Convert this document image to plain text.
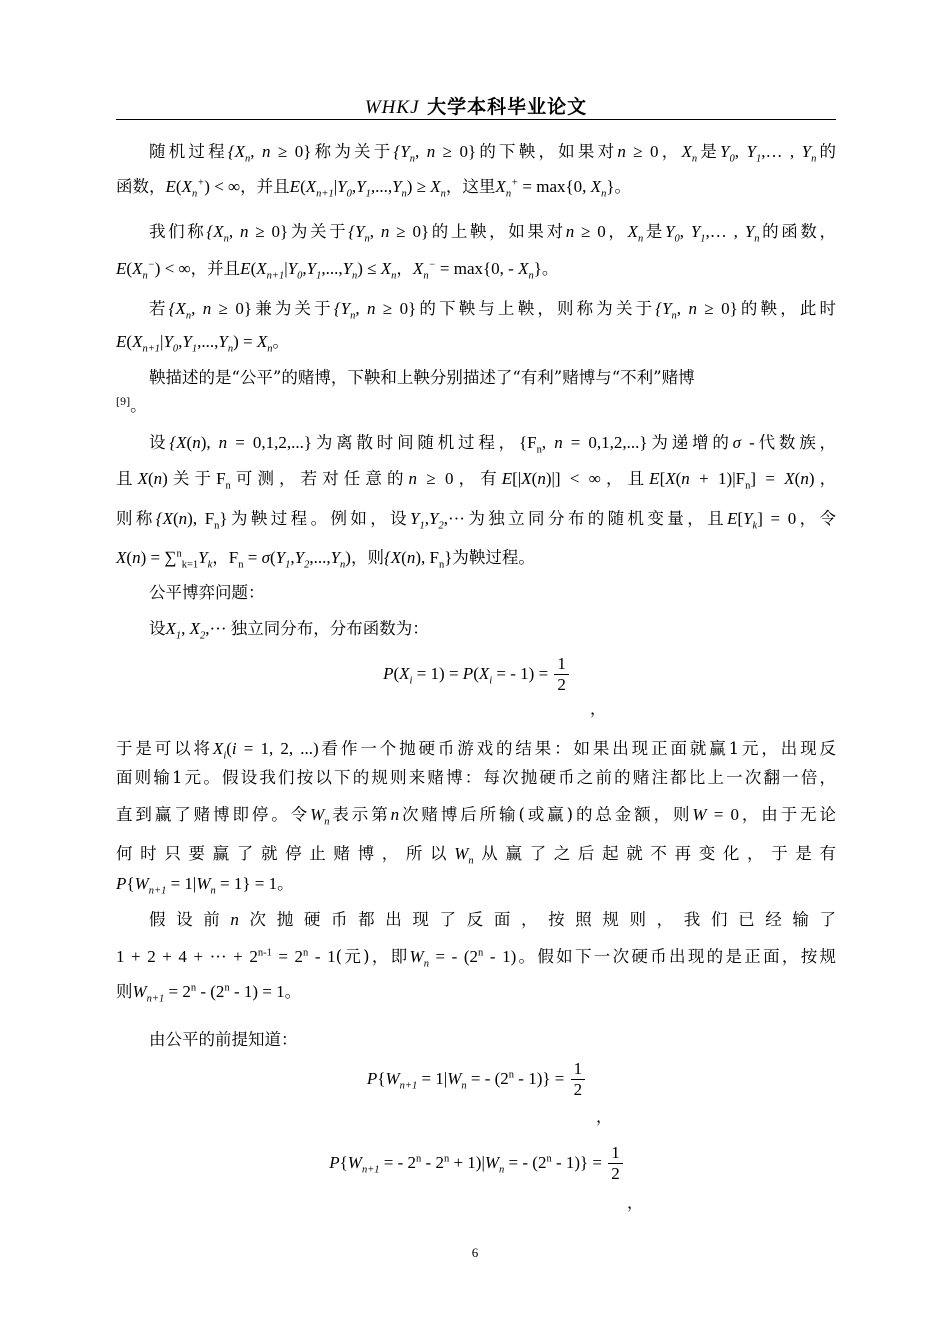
WHKJ 大学本科毕业论文
随机过程{$X_n$, n ≥ 0}称为关于{$Y_n$, n ≥ 0}的下鞅，如果对n ≥ 0，$X_n$是$Y_0$, $Y_1,\dots$ , $Y_n$的
函数，$E(X_n^+)$ < ∞，并且$E(X_{n+1}|Y_0,Y_1,...,Y_n) \ge X_n$，这里$X_n^+ = \max\{0$, $X_n$}。
我们称{$X_n$, n ≥ 0}为关于{$Y_n$, n ≥ 0}的上鞅，如果对n ≥ 0，$X_n$是$Y_0$, $Y_1,\dots$ , $Y_n$的函数，
$E(X_n^-)$ < ∞，并且$E(X_{n+1}|Y_0,Y_1,...,Y_n) \le X_n$，$X_n^- = \max\{0$, - $X_n$}。
若{$X_n$, n ≥ 0}兼为关于{$Y_n$, n ≥ 0}的下鞅与上鞅，则称为关于{$Y_n$, n ≥ 0}的鞅，此时
$E(X_{n+1}|Y_0,Y_1,...,Y_n) = X_n$。
鞅描述的是“公平”的赌博，下鞅和上鞅分别描述了“有利”赌博与“不利”赌博
[9]。
设{X(n), n = 0,1,2,...}为离散时间随机过程，{$F_n$, n = 0,1,2,...}为递增的σ -代数族，
且X(n)关于$F_n$可测，若对任意的n ≥ 0，有E[|X(n)|] < ∞，且$E[X(n + 1)|F_n] = X(n)$，
则称{X(n), $F_n$}为鞅过程。例如，设$Y_1,Y_2,\cdot\cdot\cdot$为独立同分布的随机变量，且$E[Y_k] = 0$，令
$X(n) = \sum^n_{k=1}Y_k$，$F_n = \sigma(Y_1,Y_2,...,Y_n)$，则{X(n), $F_n$}为鞅过程。
公平博弈问题：
设$X_1$, $X_2,\cdot\cdot\cdot$ 独立同分布，分布函数为：
$P(X_i = 1) = P(X_i$ = - $1) = \frac{1}{2}$
，
于是可以将$X_i(i = 1$, 2, ...)看作一个抛硬币游戏的结果：如果出现正面就赢1元，出现反
面则输1元。假设我们按以下的规则来赌博：每次抛硬币之前的赌注都比上一次翻一倍，
直到赢了赌博即停。令$W_n$表示第n次赌博后所输(或赢)的总金额，则W = 0，由于无论
何时只要赢了就停止赌博，所以$W_n$从赢了之后起就不再变化，于是有
$P\{W_{n+1} = 1|W_n = 1\} = 1$。
假设前n次抛硬币都出现了反面，按照规则，我们已经输了
1 + 2 + 4 + ··· + $2^{n-1} = 2^n - 1$(元)，即$W_n$ = - (2$^n$ - 1)。假如下一次硬币出现的是正面，按规
则$W_{n+1} = 2^n - (2^n - 1) = 1$。
由公平的前提知道：
$P\{W_{n+1} = 1|W_n$ = - $(2^n - 1)\} = \frac{1}{2}$
，
$P\{W_{n+1}$ = - $2^n - 2^n + 1)|W_n$ = - $(2^n - 1)\} = \frac{1}{2}$
，
6
